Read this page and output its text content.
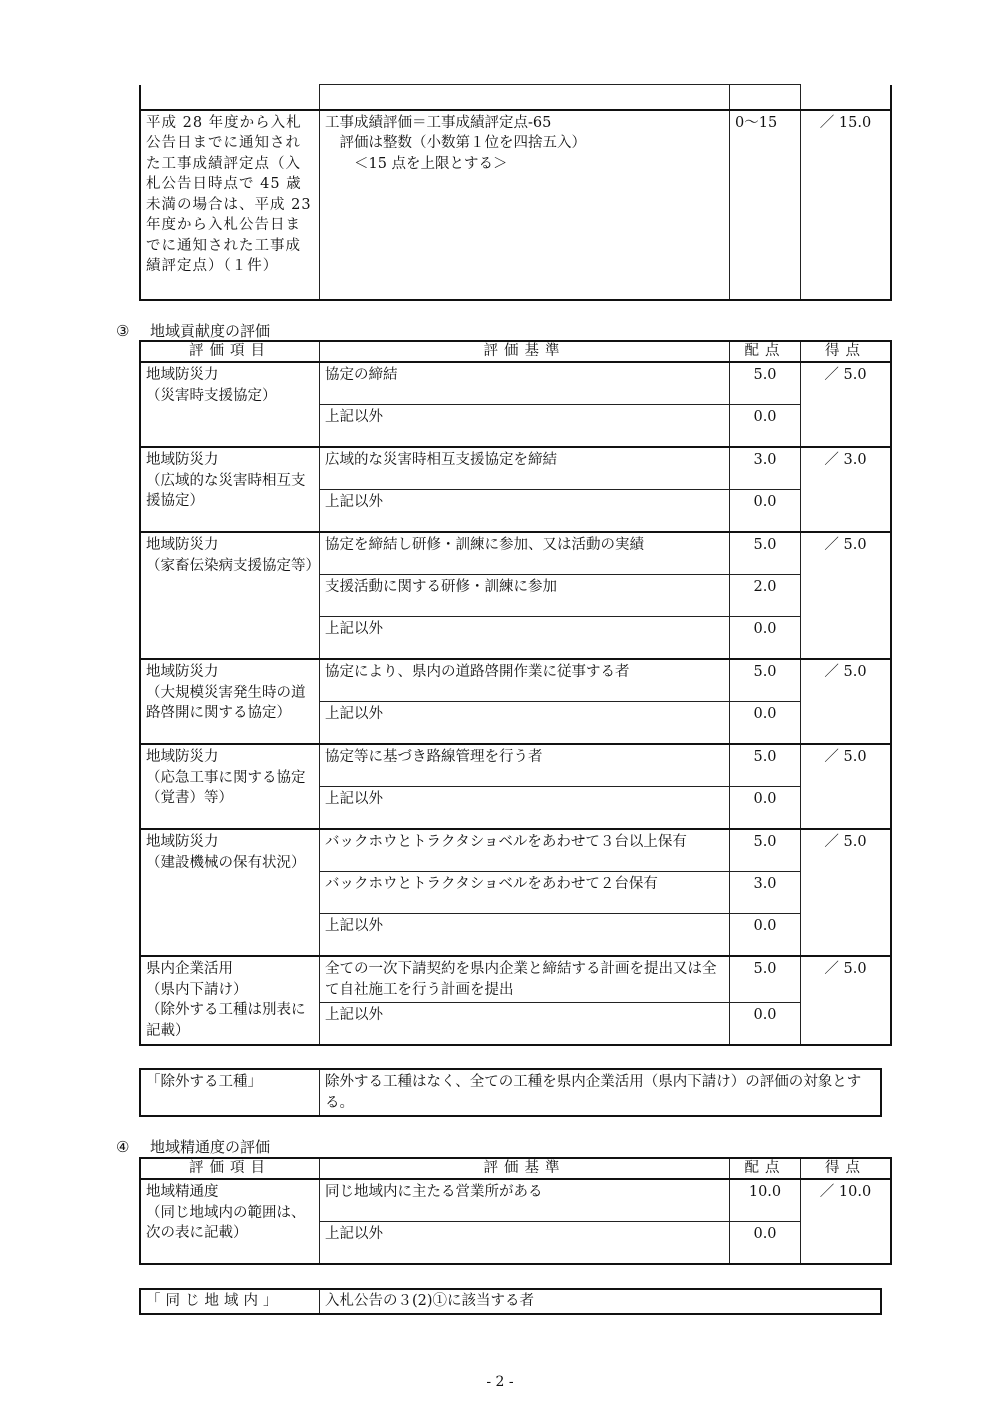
平成 28 年度から入札公告日までに通知された工事成績評定点（入札公告日時点で 45 歳未満の場合は、平成 23 年度から入札公告日までに通知された工事成績評定点）（１件）	工事成績評価＝工事成績評定点-65
　評価は整数（小数第１位を四捨五入）
　　＜15 点を上限とする＞	0～15	／ 15.0
③ 地域貢献度の評価
評価項目	評価基準	配点	得点
地域防災力
（災害時支援協定）	協定の締結	5.0	／ 5.0
	上記以外	0.0	
地域防災力
（広域的な災害時相互支援協定）	広域的な災害時相互支援協定を締結	3.0	／ 3.0
	上記以外	0.0	
地域防災力
（家畜伝染病支援協定等）	協定を締結し研修・訓練に参加、又は活動の実績	5.0	／ 5.0
	支援活動に関する研修・訓練に参加	2.0	
	上記以外	0.0	
地域防災力
（大規模災害発生時の道路啓開に関する協定）	協定により、県内の道路啓開作業に従事する者	5.0	／ 5.0
	上記以外	0.0	
地域防災力
（応急工事に関する協定（覚書）等）	協定等に基づき路線管理を行う者	5.0	／ 5.0
	上記以外	0.0	
地域防災力
（建設機械の保有状況）	バックホウとトラクタショベルをあわせて３台以上保有	5.0	／ 5.0
	バックホウとトラクタショベルをあわせて２台保有	3.0	
	上記以外	0.0	
県内企業活用
（県内下請け）
（除外する工種は別表に記載）	全ての一次下請契約を県内企業と締結する計画を提出又は全て自社施工を行う計画を提出	5.0	／ 5.0
	上記以外	0.0	
「除外する工種」	除外する工種はなく、全ての工種を県内企業活用（県内下請け）の評価の対象とする。
④ 地域精通度の評価
評価項目	評価基準	配点	得点
地域精通度
（同じ地域内の範囲は、次の表に記載）	同じ地域内に主たる営業所がある	10.0	／ 10.0
	上記以外	0.0	
「同じ地域内」	入札公告の３(2)①に該当する者
- 2 -
